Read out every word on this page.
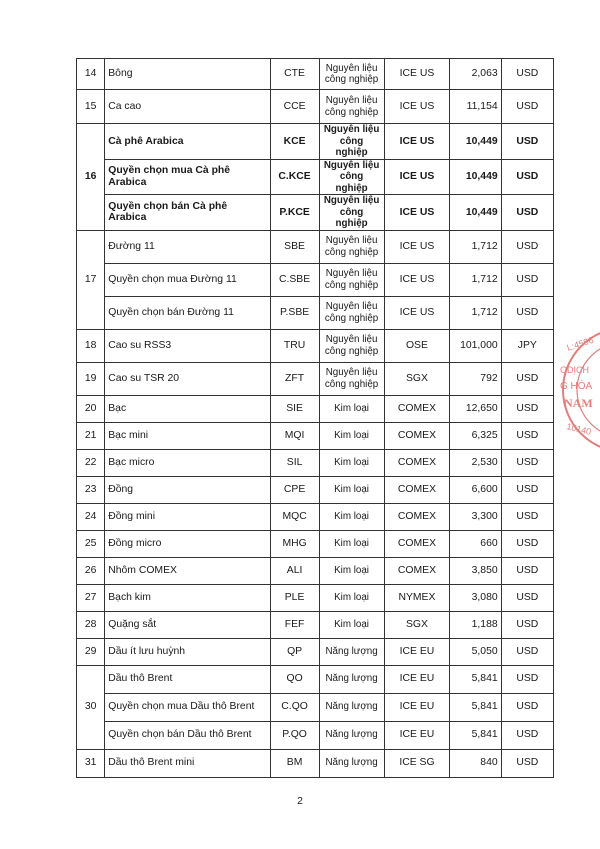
14	Bông	CTE	Nguyên liệu công nghiệp	ICE US	2,063	USD
15	Ca cao	CCE	Nguyên liệu công nghiệp	ICE US	11,154	USD
16	Cà phê Arabica	KCE	Nguyên liệu công nghiệp	ICE US	10,449	USD
	Quyền chọn mua Cà phê Arabica	C.KCE	Nguyên liệu công nghiệp	ICE US	10,449	USD
	Quyền chọn bán Cà phê Arabica	P.KCE	Nguyên liệu công nghiệp	ICE US	10,449	USD
17	Đường 11	SBE	Nguyên liệu công nghiệp	ICE US	1,712	USD
	Quyền chọn mua Đường 11	C.SBE	Nguyên liệu công nghiệp	ICE US	1,712	USD
	Quyền chọn bán Đường 11	P.SBE	Nguyên liệu công nghiệp	ICE US	1,712	USD
18	Cao su RSS3	TRU	Nguyên liệu công nghiệp	OSE	101,000	JPY
19	Cao su TSR 20	ZFT	Nguyên liệu công nghiệp	SGX	792	USD
20	Bạc	SIE	Kim loại	COMEX	12,650	USD
21	Bạc mini	MQI	Kim loại	COMEX	6,325	USD
22	Bạc micro	SIL	Kim loại	COMEX	2,530	USD
23	Đồng	CPE	Kim loại	COMEX	6,600	USD
24	Đồng mini	MQC	Kim loại	COMEX	3,300	USD
25	Đồng micro	MHG	Kim loại	COMEX	660	USD
26	Nhôm COMEX	ALI	Kim loại	COMEX	3,850	USD
27	Bạch kim	PLE	Kim loại	NYMEX	3,080	USD
28	Quặng sắt	FEF	Kim loại	SGX	1,188	USD
29	Dầu ít lưu huỳnh	QP	Năng lượng	ICE EU	5,050	USD
30	Dầu thô Brent	QO	Năng lượng	ICE EU	5,841	USD
	Quyền chọn mua Dầu thô Brent	C.QO	Năng lượng	ICE EU	5,841	USD
	Quyền chọn bán Dầu thô Brent	P.QO	Năng lượng	ICE EU	5,841	USD
31	Dầu thô Brent mini	BM	Năng lượng	ICE SG	840	USD
2
L:4596
ODỊCH
G HÓA
NAM
10140
